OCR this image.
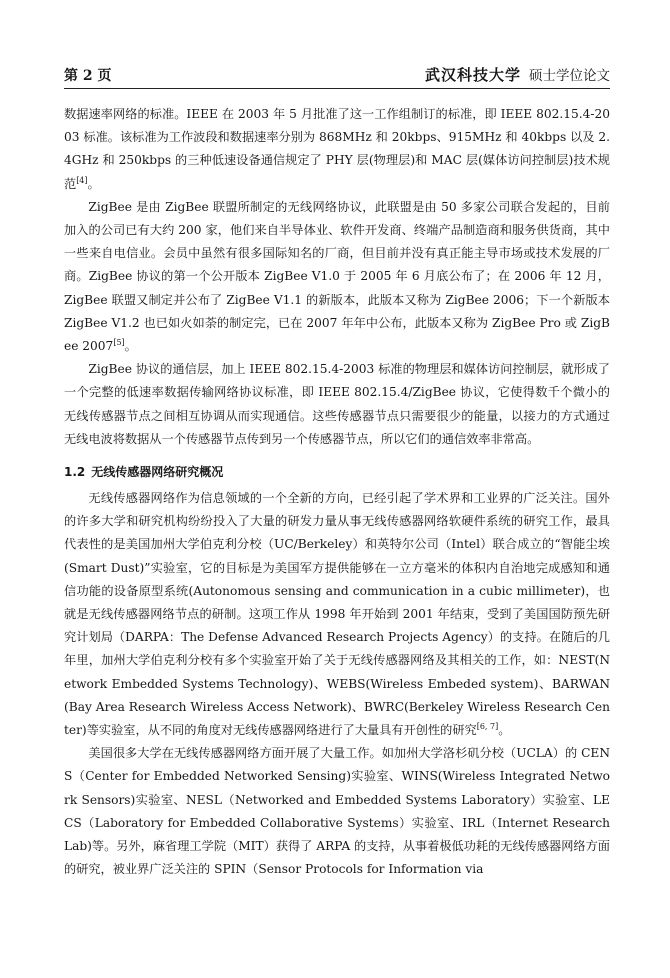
第 2 页	武汉科技大学 硕士学位论文

数据速率网络的标准。IEEE 在 2003 年 5 月批准了这一工作组制订的标准，即 IEEE 802.15.4-2003 标准。该标准为工作波段和数据速率分别为 868MHz 和 20kbps、915MHz 和 40kbps 以及 2.4GHz 和 250kbps 的三种低速设备通信规定了 PHY 层(物理层)和 MAC 层(媒体访问控制层)技术规范[4]。

ZigBee 是由 ZigBee 联盟所制定的无线网络协议，此联盟是由 50 多家公司联合发起的，目前加入的公司已有大约 200 家，他们来自半导体业、软件开发商、终端产品制造商和服务供货商，其中一些来自电信业。会员中虽然有很多国际知名的厂商，但目前并没有真正能主导市场或技术发展的厂商。ZigBee 协议的第一个公开版本 ZigBee V1.0 于 2005 年 6 月底公布了；在 2006 年 12 月，ZigBee 联盟又制定并公布了 ZigBee V1.1 的新版本，此版本又称为 ZigBee 2006；下一个新版本 ZigBee V1.2 也已如火如荼的制定完，已在 2007 年年中公布，此版本又称为 ZigBee Pro 或 ZigBee 2007[5]。

ZigBee 协议的通信层，加上 IEEE 802.15.4-2003 标准的物理层和媒体访问控制层，就形成了一个完整的低速率数据传输网络协议标准，即 IEEE 802.15.4/ZigBee 协议，它使得数千个微小的无线传感器节点之间相互协调从而实现通信。这些传感器节点只需要很少的能量，以接力的方式通过无线电波将数据从一个传感器节点传到另一个传感器节点，所以它们的通信效率非常高。

1.2 无线传感器网络研究概况

无线传感器网络作为信息领域的一个全新的方向，已经引起了学术界和工业界的广泛关注。国外的许多大学和研究机构纷纷投入了大量的研发力量从事无线传感器网络软硬件系统的研究工作，最具代表性的是美国加州大学伯克利分校（UC/Berkeley）和英特尔公司（Intel）联合成立的“智能尘埃(Smart Dust)”实验室，它的目标是为美国军方提供能够在一立方毫米的体积内自治地完成感知和通信功能的设备原型系统(Autonomous sensing and communication in a cubic millimeter)，也就是无线传感器网络节点的研制。这项工作从 1998 年开始到 2001 年结束，受到了美国国防预先研究计划局（DARPA：The Defense Advanced Research Projects Agency）的支持。在随后的几年里，加州大学伯克利分校有多个实验室开始了关于无线传感器网络及其相关的工作，如：NEST(Network Embedded Systems Technology)、WEBS(Wireless Embeded system)、BARWAN (Bay Area Research Wireless Access Network)、BWRC(Berkeley Wireless Research Center)等实验室，从不同的角度对无线传感器网络进行了大量具有开创性的研究[6, 7]。

美国很多大学在无线传感器网络方面开展了大量工作。如加州大学洛杉矶分校（UCLA）的 CENS（Center for Embedded Networked Sensing)实验室、WINS(Wireless Integrated Network Sensors)实验室、NESL（Networked and Embedded Systems Laboratory）实验室、LECS（Laboratory for Embedded Collaborative Systems）实验室、IRL（Internet Research Lab)等。另外，麻省理工学院（MIT）获得了 ARPA 的支持，从事着极低功耗的无线传感器网络方面的研究，被业界广泛关注的 SPIN（Sensor Protocols for Information via
